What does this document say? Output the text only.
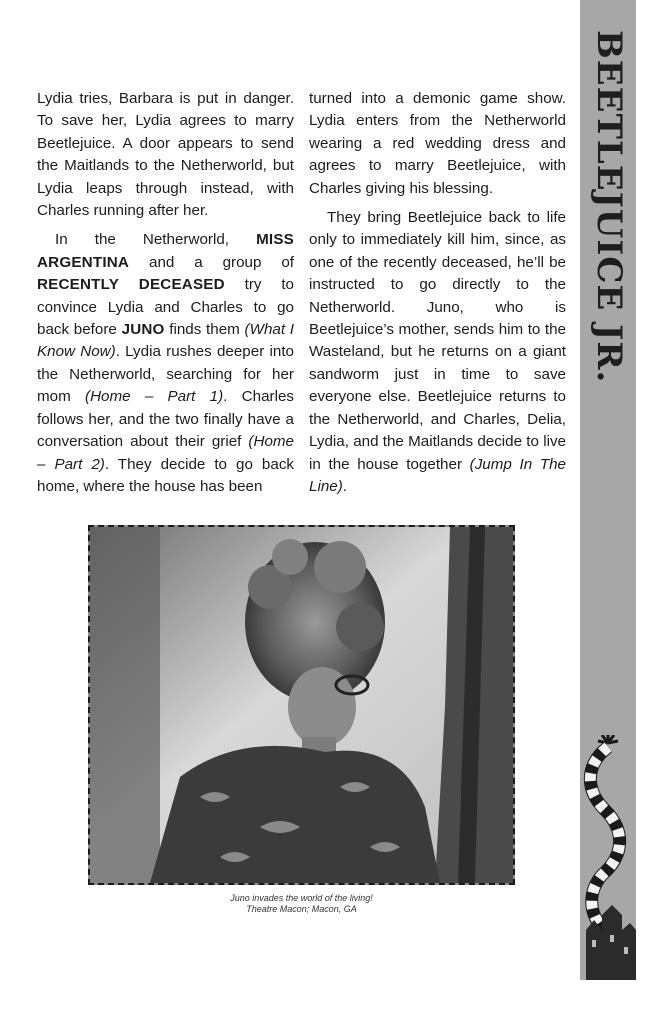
Lydia tries, Barbara is put in danger. To save her, Lydia agrees to marry Beetlejuice. A door appears to send the Maitlands to the Netherworld, but Lydia leaps through instead, with Charles running after her.

In the Netherworld, MISS ARGENTINA and a group of RECENTLY DECEASED try to convince Lydia and Charles to go back before JUNO finds them (What I Know Now). Lydia rushes deeper into the Netherworld, searching for her mom (Home – Part 1). Charles follows her, and the two finally have a conversation about their grief (Home – Part 2). They decide to go back home, where the house has been

turned into a demonic game show. Lydia enters from the Netherworld wearing a red wedding dress and agrees to marry Beetlejuice, with Charles giving his blessing.

They bring Beetlejuice back to life only to immediately kill him, since, as one of the recently deceased, he’ll be instructed to go directly to the Netherworld. Juno, who is Beetlejuice’s mother, sends him to the Wasteland, but he returns on a giant sandworm just in time to save everyone else. Beetlejuice returns to the Netherworld, and Charles, Delia, Lydia, and the Maitlands decide to live in the house together (Jump In The Line).

Juno invades the world of the living!
Theatre Macon; Macon, GA
BEETLEJUICE JR.
